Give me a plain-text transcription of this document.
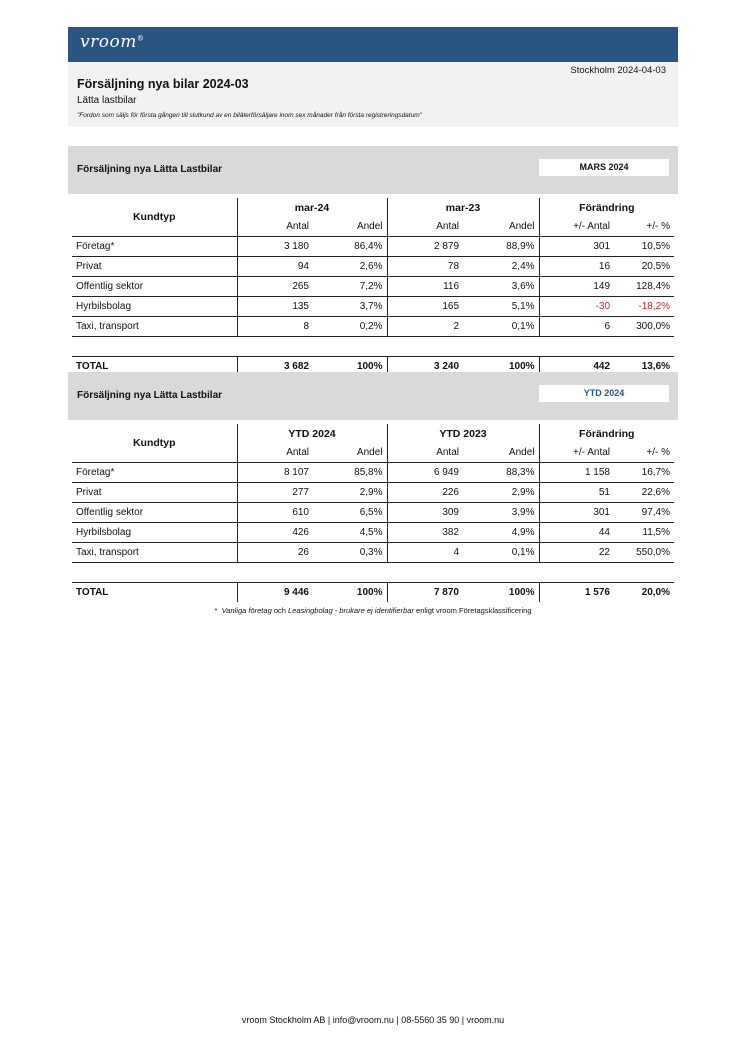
vroom®
Stockholm 2024-04-03
Försäljning nya bilar 2024-03
Lätta lastbilar
"Fordon som säljs för första gången till slutkund av en biläterförsäljare inom sex månader från första registreringsdatum"
Försäljning nya Lätta Lastbilar	MARS 2024
Kundtyp	mar-24		mar-23		Förändring	
	Antal	Andel	Antal	Andel	+/- Antal	+/- %
Företag*	3 180	86,4%	2 879	88,9%	301	10,5%
Privat	94	2,6%	78	2,4%	16	20,5%
Offentlig sektor	265	7,2%	116	3,6%	149	128,4%
Hyrbilsbolag	135	3,7%	165	5,1%	-30	-18,2%
Taxi, transport	8	0,2%	2	0,1%	6	300,0%

TOTAL	3 682	100%	3 240	100%	442	13,6%
Försäljning nya Lätta Lastbilar	YTD 2024
Kundtyp	YTD 2024		YTD 2023		Förändring	
	Antal	Andel	Antal	Andel	+/- Antal	+/- %
Företag*	8 107	85,8%	6 949	88,3%	1 158	16,7%
Privat	277	2,9%	226	2,9%	51	22,6%
Offentlig sektor	610	6,5%	309	3,9%	301	97,4%
Hyrbilsbolag	426	4,5%	382	4,9%	44	11,5%
Taxi, transport	26	0,3%	4	0,1%	22	550,0%

TOTAL	9 446	100%	7 870	100%	1 576	20,0%
* Vanliga företag och Leasingbolag - brukare ej identifierbar enligt vroom Företagsklassificering
vroom Stockholm AB | info@vroom.nu | 08-5560 35 90 | vroom.nu
